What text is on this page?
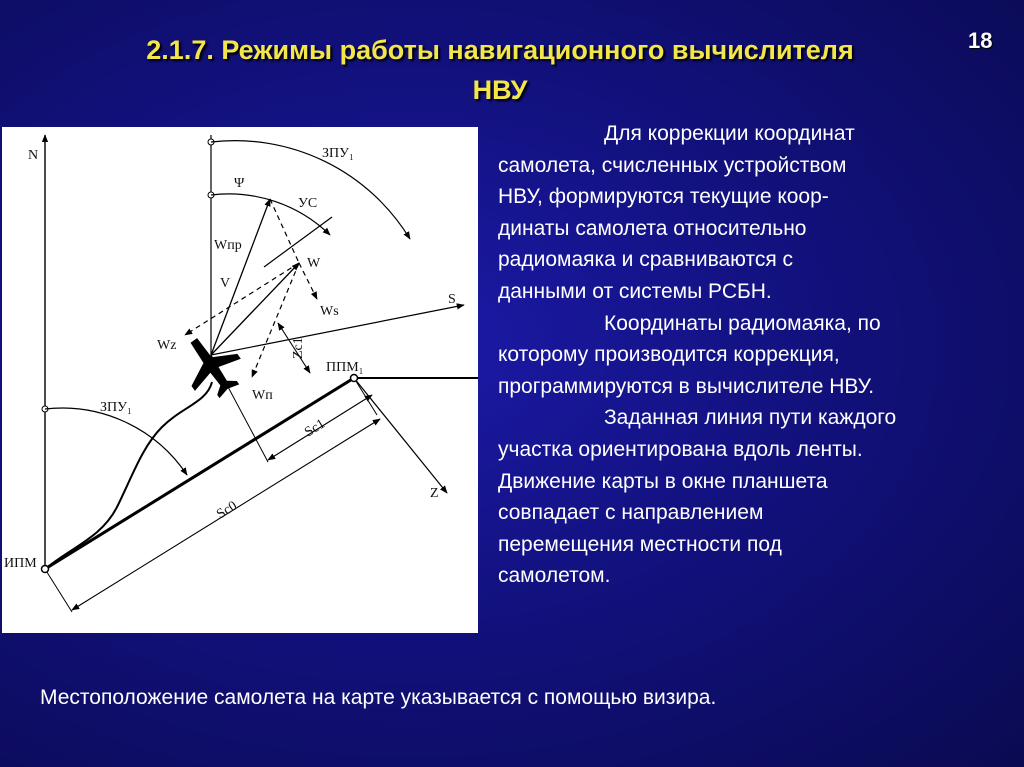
2.1.7. Режимы работы навигационного вычислителя
НВУ
18
N	ЗПУ₁
Ψ
УС
Wпр
W
V
S
Ws
Wz	Zc1
ППМ₁
Wп
ЗПУ₁
Sc1
Z
Sc0
ИПМ

Для коррекции координат
самолета, счисленных устройством
НВУ, формируются текущие коор-
динаты самолета относительно
радиомаяка и сравниваются с
данными от системы РСБН.

Координаты радиомаяка, по
которому производится коррекция,
программируются в вычислителе НВУ.

Заданная линия пути каждого
участка ориентирована вдоль ленты.
Движение карты в окне планшета
совпадает с направлением
перемещения местности под
самолетом.

Местоположение самолета на карте указывается с помощью визира.
